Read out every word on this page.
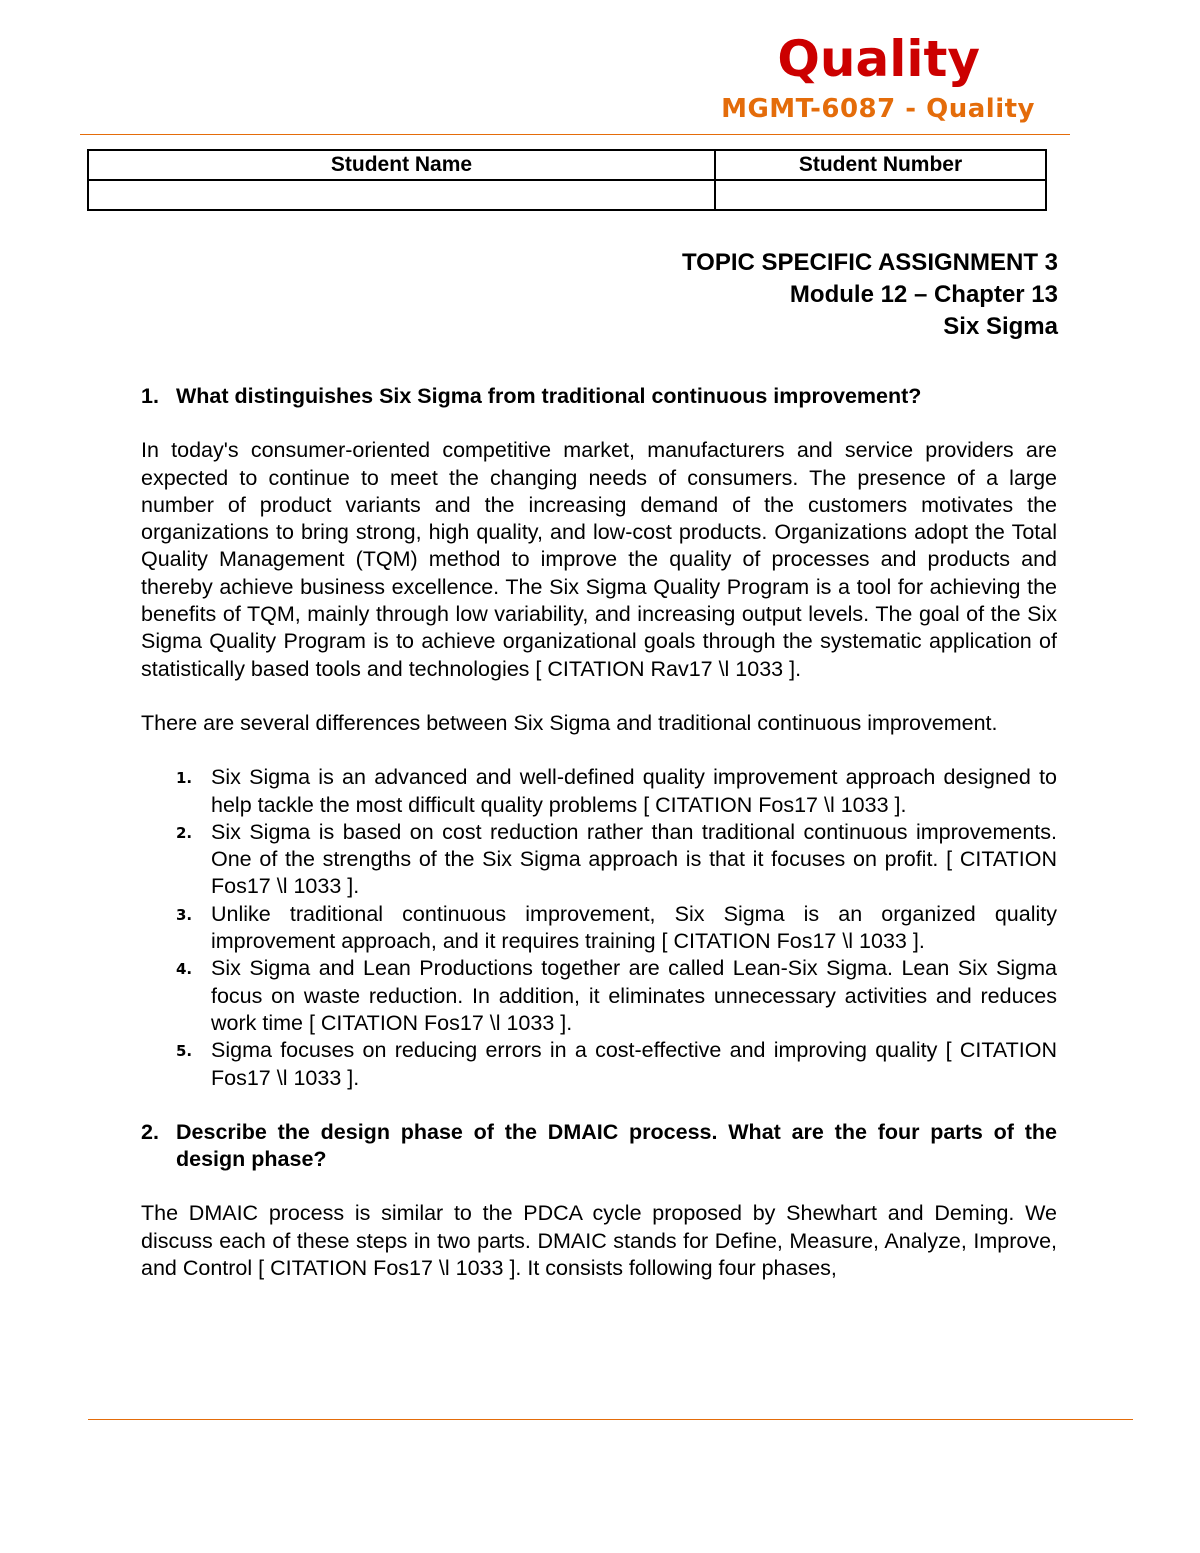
Quality
MGMT-6087 - Quality
Student Name	Student Number

TOPIC SPECIFIC ASSIGNMENT 3
Module 12 – Chapter 13
Six Sigma
1. What distinguishes Six Sigma from traditional continuous improvement?

In today's consumer-oriented competitive market, manufacturers and service providers are expected to continue to meet the changing needs of consumers. The presence of a large number of product variants and the increasing demand of the customers motivates the organizations to bring strong, high quality, and low-cost products. Organizations adopt the Total Quality Management (TQM) method to improve the quality of processes and products and thereby achieve business excellence. The Six Sigma Quality Program is a tool for achieving the benefits of TQM, mainly through low variability, and increasing output levels. The goal of the Six Sigma Quality Program is to achieve organizational goals through the systematic application of statistically based tools and technologies [ CITATION Rav17 \l 1033 ].

There are several differences between Six Sigma and traditional continuous improvement.

1. Six Sigma is an advanced and well-defined quality improvement approach designed to help tackle the most difficult quality problems [ CITATION Fos17 \l 1033 ].
2. Six Sigma is based on cost reduction rather than traditional continuous improvements. One of the strengths of the Six Sigma approach is that it focuses on profit. [ CITATION Fos17 \l 1033 ].
3. Unlike traditional continuous improvement, Six Sigma is an organized quality improvement approach, and it requires training [ CITATION Fos17 \l 1033 ].
4. Six Sigma and Lean Productions together are called Lean-Six Sigma. Lean Six Sigma focus on waste reduction. In addition, it eliminates unnecessary activities and reduces work time [ CITATION Fos17 \l 1033 ].
5. Sigma focuses on reducing errors in a cost-effective and improving quality [ CITATION Fos17 \l 1033 ].
2. Describe the design phase of the DMAIC process. What are the four parts of the design phase?

The DMAIC process is similar to the PDCA cycle proposed by Shewhart and Deming. We discuss each of these steps in two parts. DMAIC stands for Define, Measure, Analyze, Improve, and Control [ CITATION Fos17 \l 1033 ]. It consists following four phases,
